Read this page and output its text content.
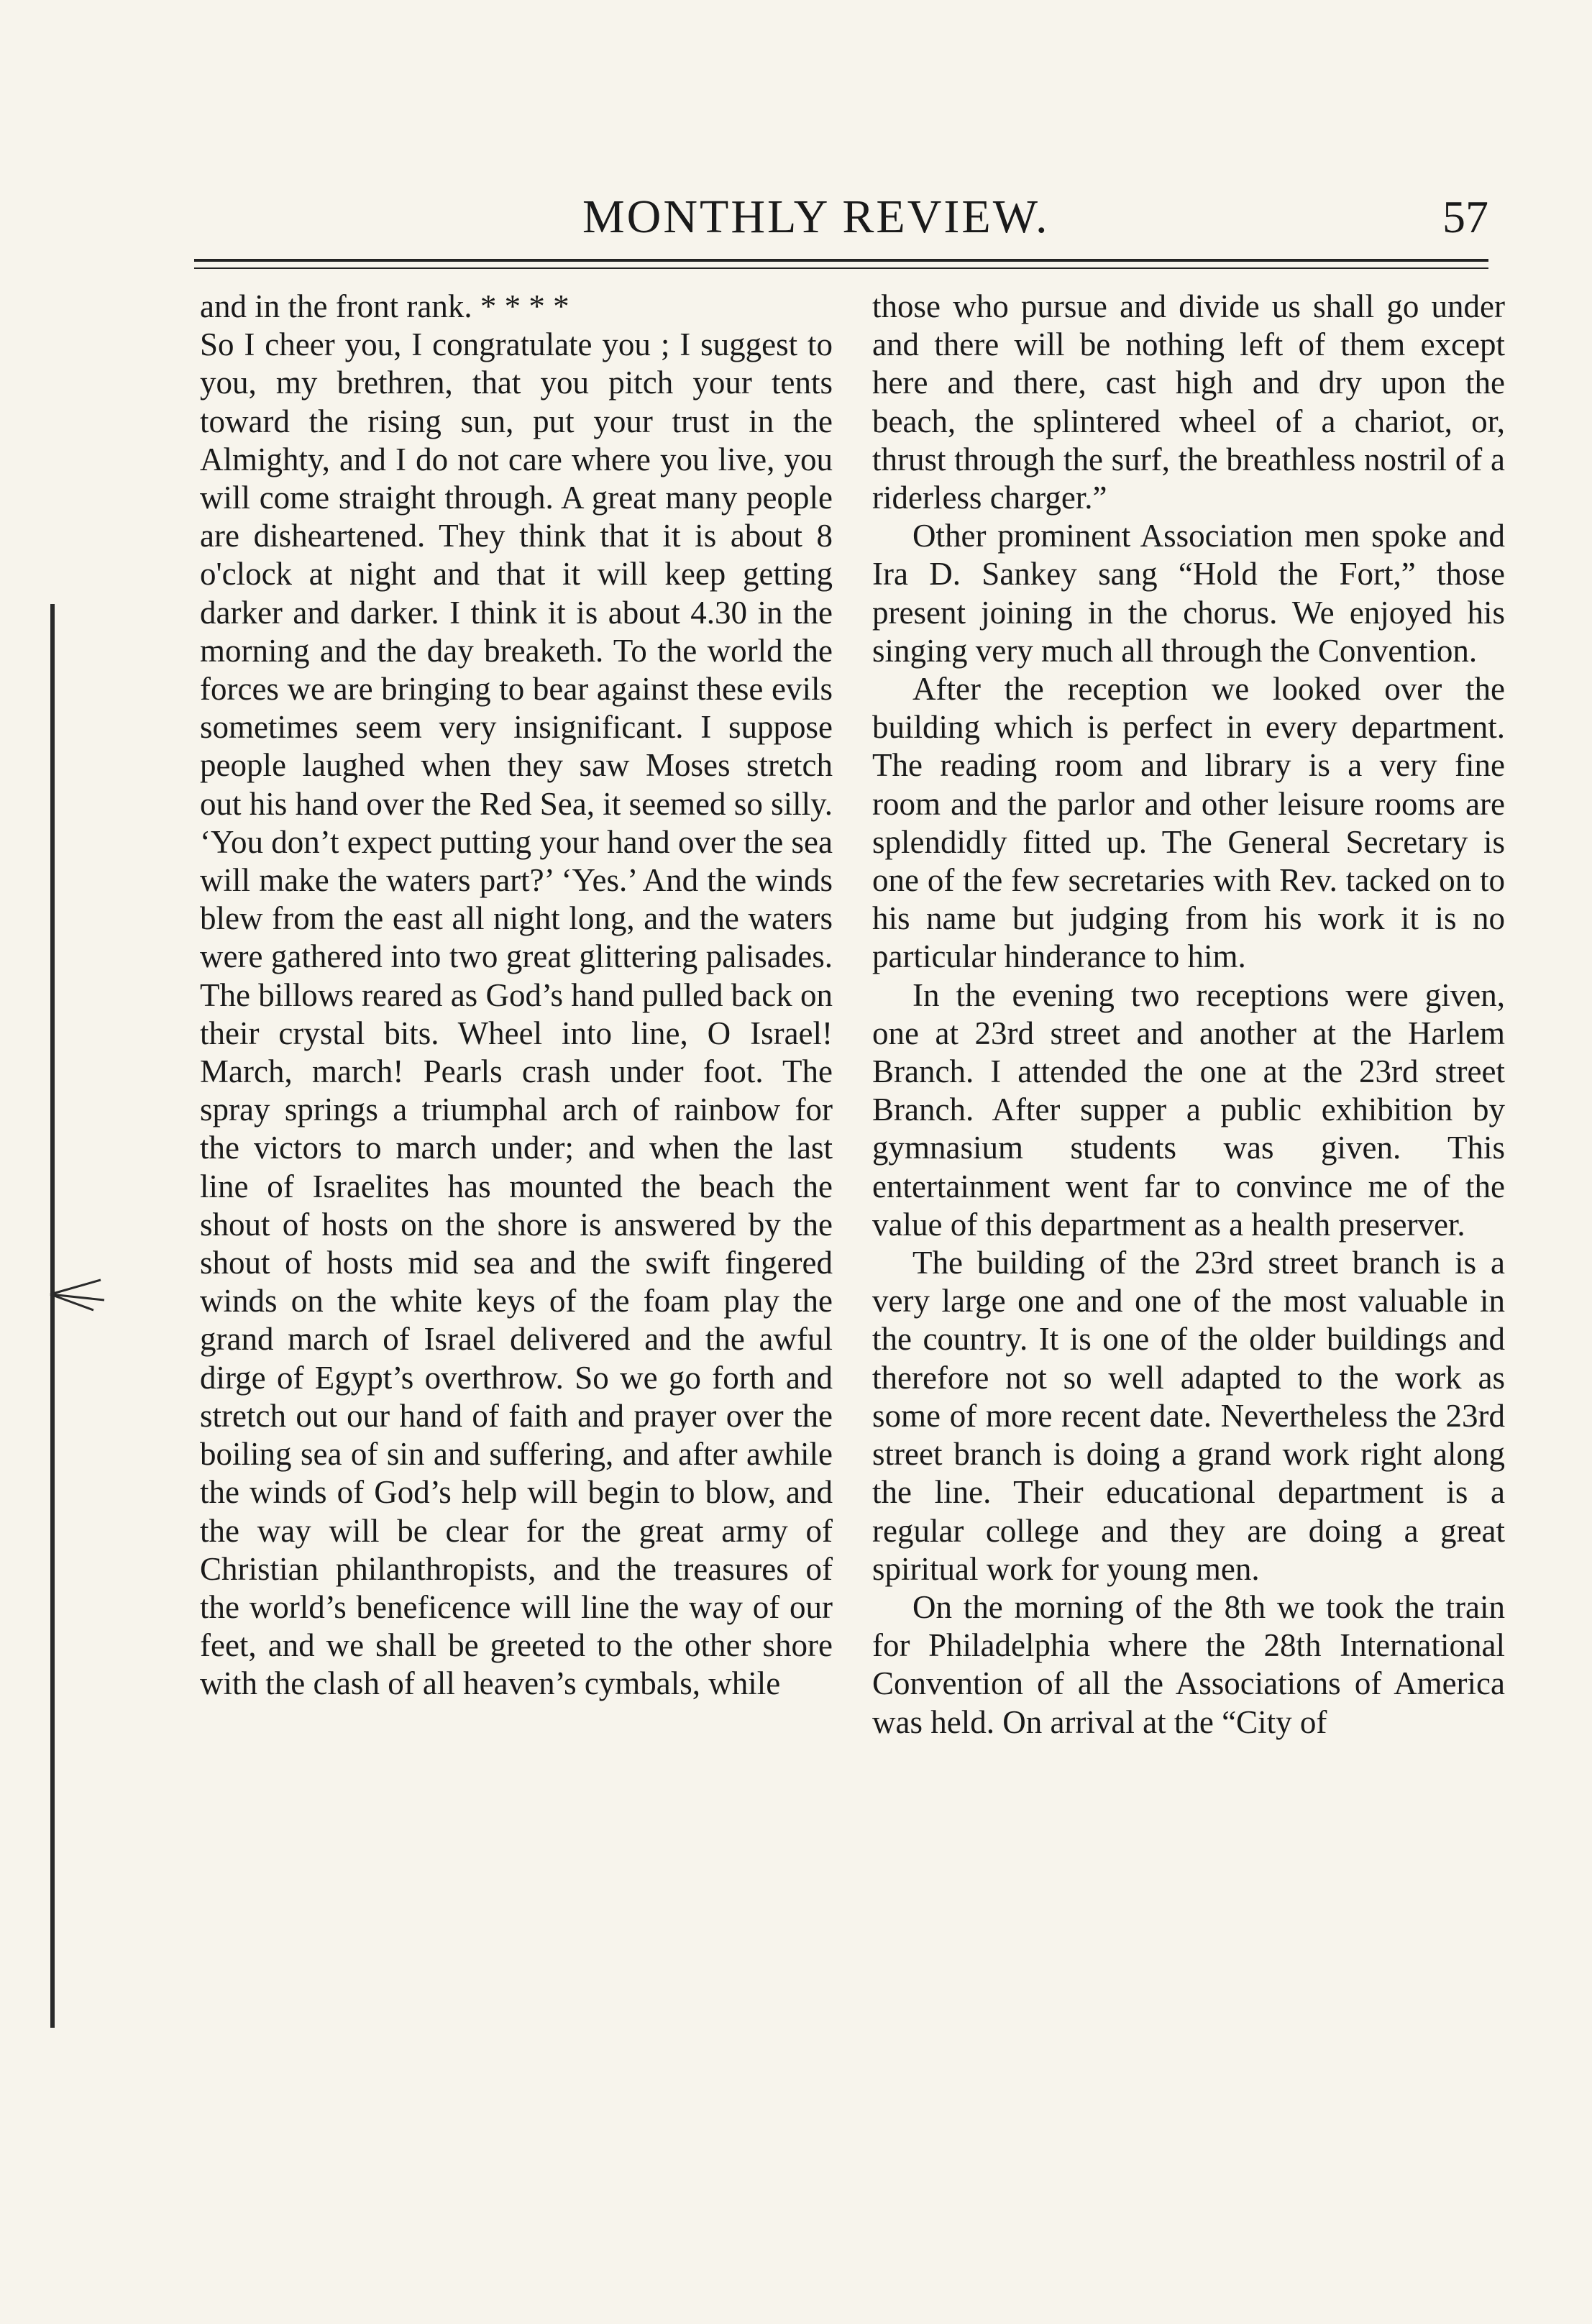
MONTHLY REVIEW.	57

and in the front rank. * * * *

So I cheer you, I congratulate you ; I suggest to you, my brethren, that you pitch your tents toward the rising sun, put your trust in the Almighty, and I do not care where you live, you will come straight through. A great many people are disheartened. They think that it is about 8 o'clock at night and that it will keep getting darker and darker. I think it is about 4.30 in the morning and the day breaketh. To the world the forces we are bringing to bear against these evils sometimes seem very insignificant. I suppose people laughed when they saw Moses stretch out his hand over the Red Sea, it seemed so silly. ‘You don’t expect putting your hand over the sea will make the waters part?’ ‘Yes.’ And the winds blew from the east all night long, and the waters were gathered into two great glittering palisades. The billows reared as God’s hand pulled back on their crystal bits. Wheel into line, O Israel! March, march! Pearls crash under foot. The spray springs a triumphal arch of rainbow for the victors to march under; and when the last line of Israelites has mounted the beach the shout of hosts on the shore is answered by the shout of hosts mid sea and the swift fingered winds on the white keys of the foam play the grand march of Israel delivered and the awful dirge of Egypt’s overthrow. So we go forth and stretch out our hand of faith and prayer over the boiling sea of sin and suffering, and after awhile the winds of God’s help will begin to blow, and the way will be clear for the great army of Christian philanthropists, and the treasures of the world’s beneficence will line the way of our feet, and we shall be greeted to the other shore with the clash of all heaven’s cymbals, while

those who pursue and divide us shall go under and there will be nothing left of them except here and there, cast high and dry upon the beach, the splintered wheel of a chariot, or, thrust through the surf, the breathless nostril of a riderless charger.”

Other prominent Association men spoke and Ira D. Sankey sang “Hold the Fort,” those present joining in the chorus. We enjoyed his singing very much all through the Convention.

After the reception we looked over the building which is perfect in every department. The reading room and library is a very fine room and the parlor and other leisure rooms are splendidly fitted up. The General Secretary is one of the few secretaries with Rev. tacked on to his name but judging from his work it is no particular hinderance to him.

In the evening two receptions were given, one at 23rd street and another at the Harlem Branch. I attended the one at the 23rd street Branch. After supper a public exhibition by gymnasium students was given. This entertainment went far to convince me of the value of this department as a health preserver.

The building of the 23rd street branch is a very large one and one of the most valuable in the country. It is one of the older buildings and therefore not so well adapted to the work as some of more recent date. Nevertheless the 23rd street branch is doing a grand work right along the line. Their educational department is a regular college and they are doing a great spiritual work for young men.

On the morning of the 8th we took the train for Philadelphia where the 28th International Convention of all the Associations of America was held. On arrival at the “City of
